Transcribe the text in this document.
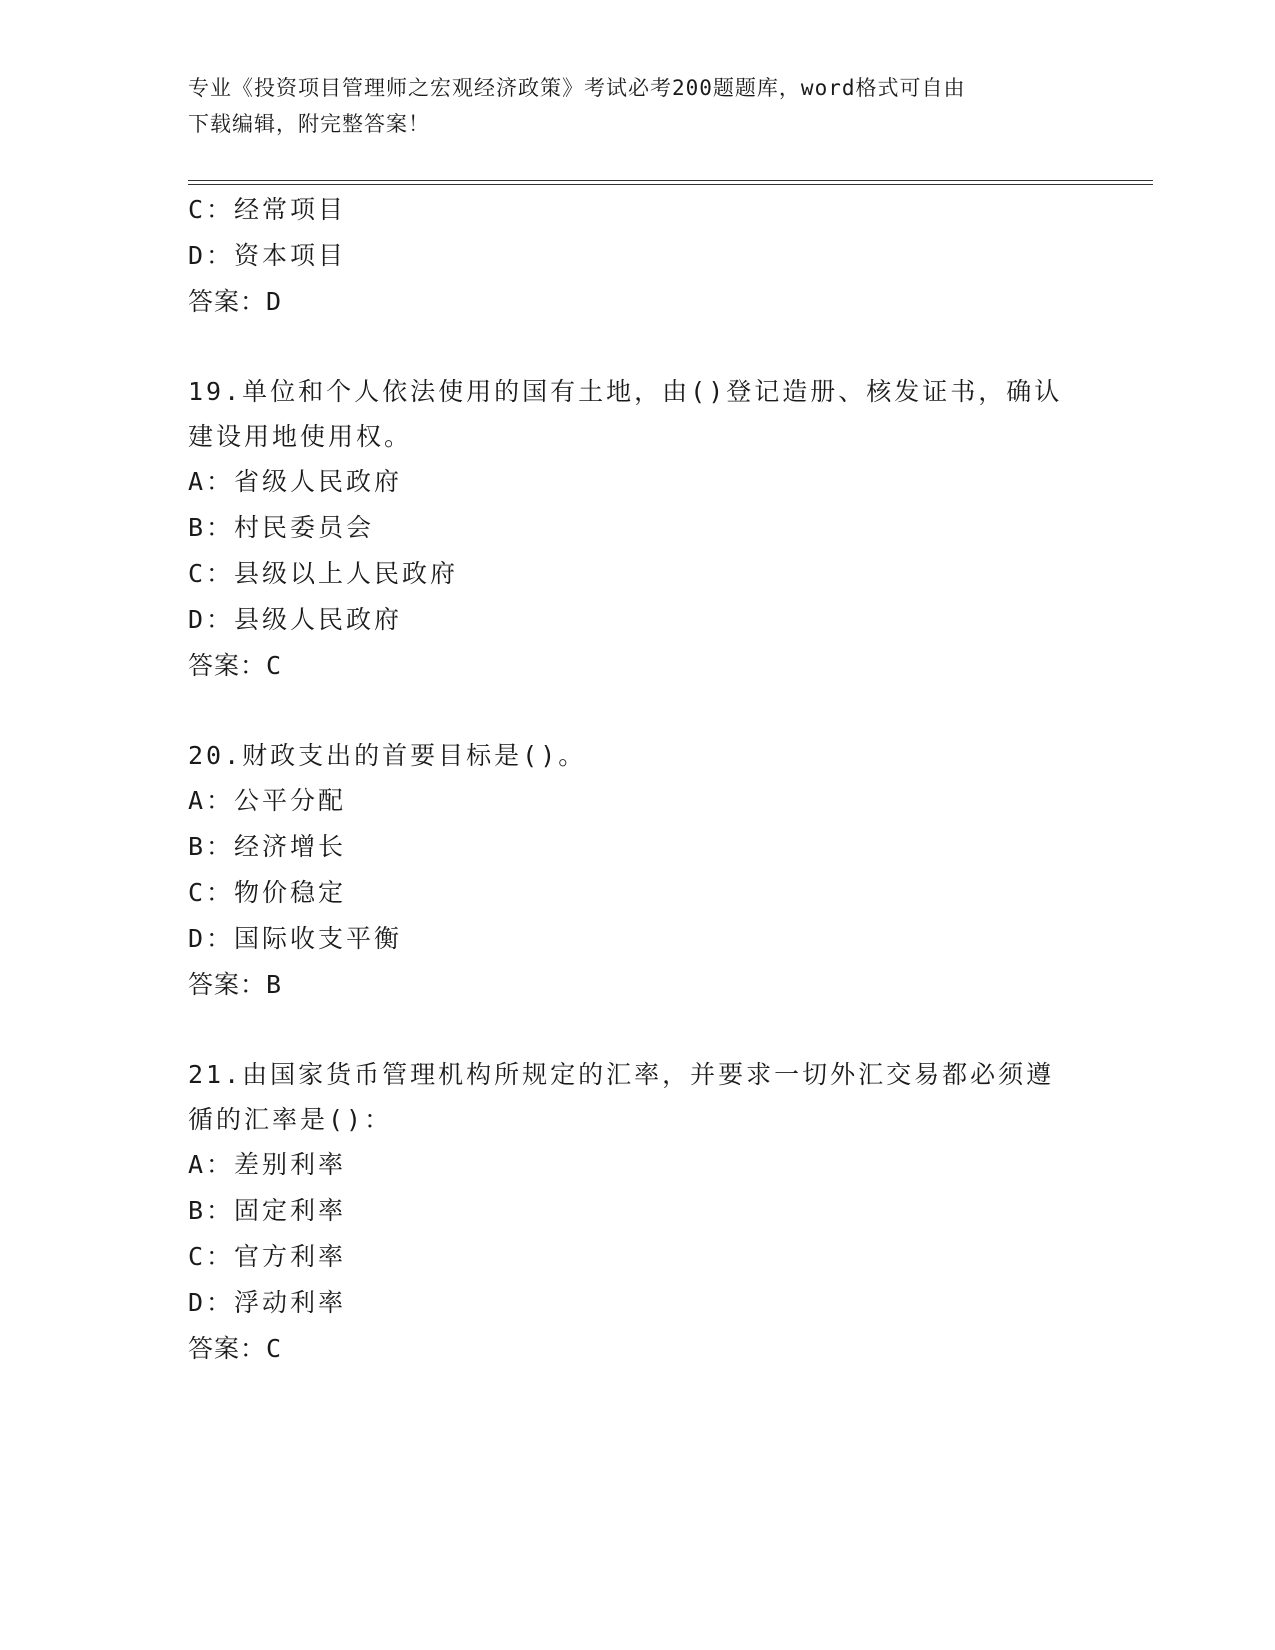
专业《投资项目管理师之宏观经济政策》考试必考200题题库，word格式可自由
下载编辑，附完整答案！
C：经常项目
D：资本项目
答案：D
19.单位和个人依法使用的国有土地，由()登记造册、核发证书，确认
建设用地使用权。
A：省级人民政府
B：村民委员会
C：县级以上人民政府
D：县级人民政府
答案：C
20.财政支出的首要目标是()。
A：公平分配
B：经济增长
C：物价稳定
D：国际收支平衡
答案：B
21.由国家货币管理机构所规定的汇率，并要求一切外汇交易都必须遵
循的汇率是()：
A：差别利率
B：固定利率
C：官方利率
D：浮动利率
答案：C
